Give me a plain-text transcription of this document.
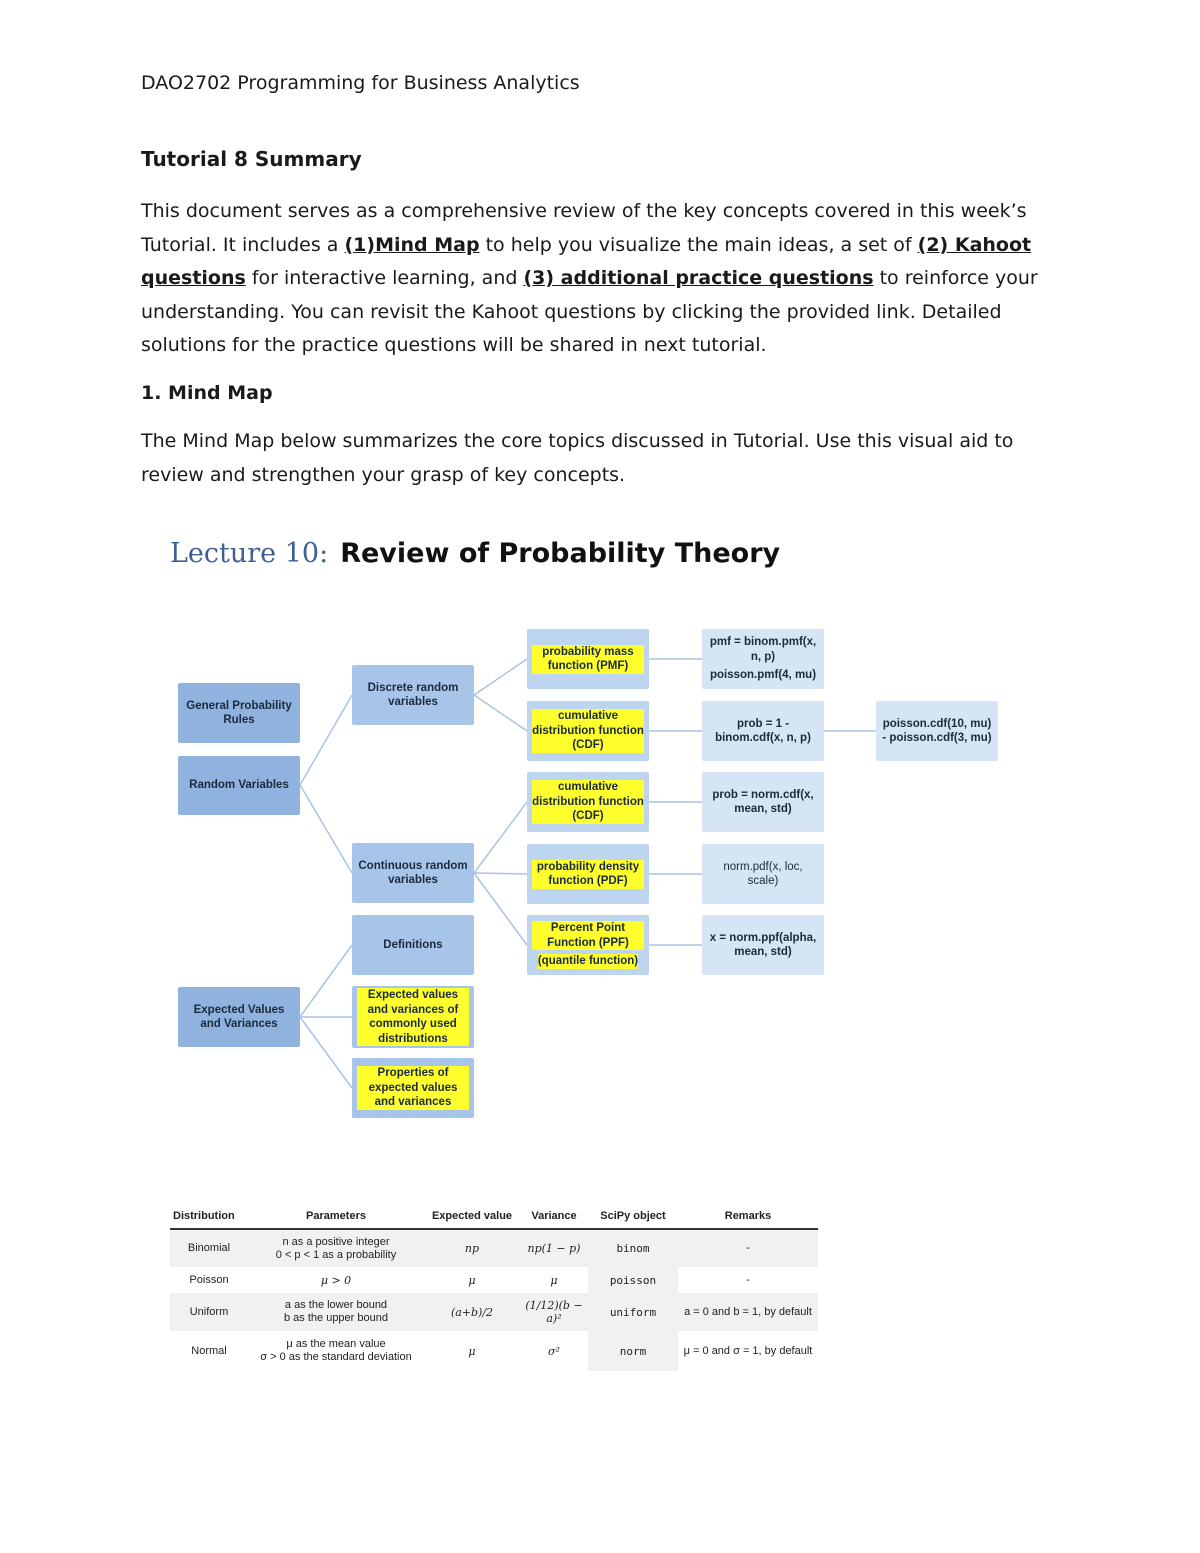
DAO2702 Programming for Business Analytics
Tutorial 8 Summary
This document serves as a comprehensive review of the key concepts covered in this week’s Tutorial. It includes a (1)Mind Map to help you visualize the main ideas, a set of (2) Kahoot questions for interactive learning, and (3) additional practice questions to reinforce your understanding. You can revisit the Kahoot questions by clicking the provided link. Detailed solutions for the practice questions will be shared in next tutorial.
1. Mind Map
The Mind Map below summarizes the core topics discussed in Tutorial. Use this visual aid to review and strengthen your grasp of key concepts.
Lecture 10: Review of Probability Theory
General Probability Rules
Random Variables
Expected Values and Variances
Discrete random variables
Continuous random variables
Definitions
Expected values and variances of commonly used distributions
Properties of expected values and variances
probability mass function (PMF)
cumulative distribution function (CDF)
cumulative distribution function (CDF)
probability density function (PDF)
Percent Point Function (PPF)
(quantile function)
pmf = binom.pmf(x, n, p)
poisson.pmf(4, mu)
prob = 1 - binom.cdf(x, n, p)
poisson.cdf(10, mu) - poisson.cdf(3, mu)
prob = norm.cdf(x, mean, std)
norm.pdf(x, loc, scale)
x = norm.ppf(alpha, mean, std)
Distribution	Parameters	Expected value	Variance	SciPy object	Remarks
Binomial	n as a positive integer
0 < p < 1 as a probability	np	np(1 − p)	binom	-
Poisson	μ > 0	μ	μ	poisson	-
Uniform	a as the lower bound
b as the upper bound	(a+b)/2	(1/12)(b − a)²	uniform	a = 0 and b = 1, by default
Normal	μ as the mean value
σ > 0 as the standard deviation	μ	σ²	norm	μ = 0 and σ = 1, by default
